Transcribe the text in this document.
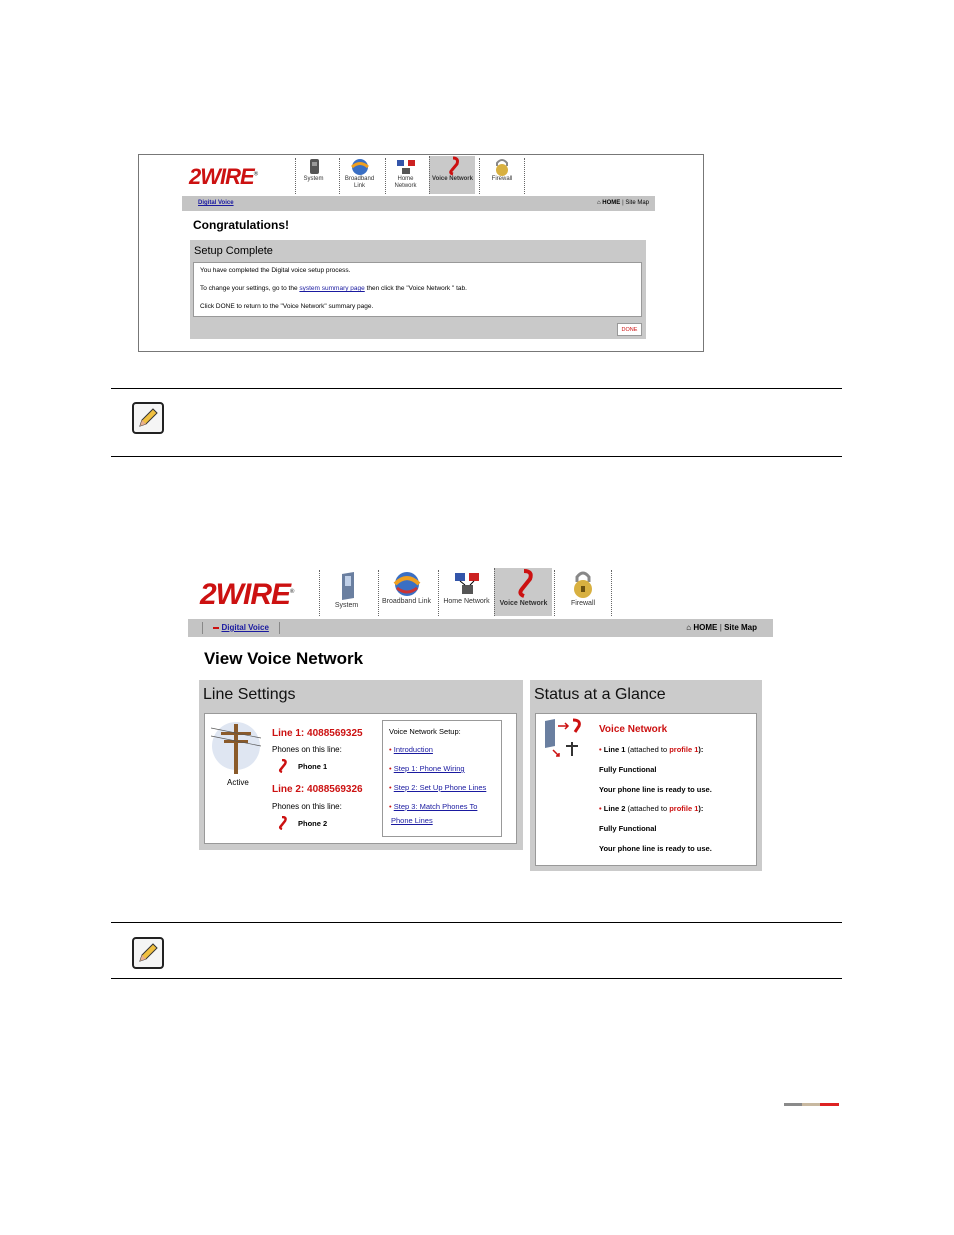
2WIRE®
System	Broadband Link
Home Network
Voice Network	Firewall
Digital Voice	⌂ HOME | Site Map
Congratulations!
Setup Complete

You have completed the Digital voice setup process.

To change your settings, go to the system summary page then click the "Voice Network " tab.

Click DONE to return to the "Voice Network" summary page.

DONE
2WIRE®
System
Broadband Link	Home Network	Voice Network	Firewall
Digital Voice	⌂ HOME | Site Map
View Voice Network
Line Settings
Active
Line 1: 4088569325
Phones on this line:
Phone 1
Line 2: 4088569326
Phones on this line:
Phone 2
Voice Network Setup:
• Introduction
• Step 1: Phone Wiring
• Step 2: Set Up Phone Lines
• Step 3: Match Phones To
Phone Lines
Status at a Glance
Voice Network
• Line 1 (attached to profile 1):
Fully Functional
Your phone line is ready to use.
• Line 2 (attached to profile 1):
Fully Functional
Your phone line is ready to use.
